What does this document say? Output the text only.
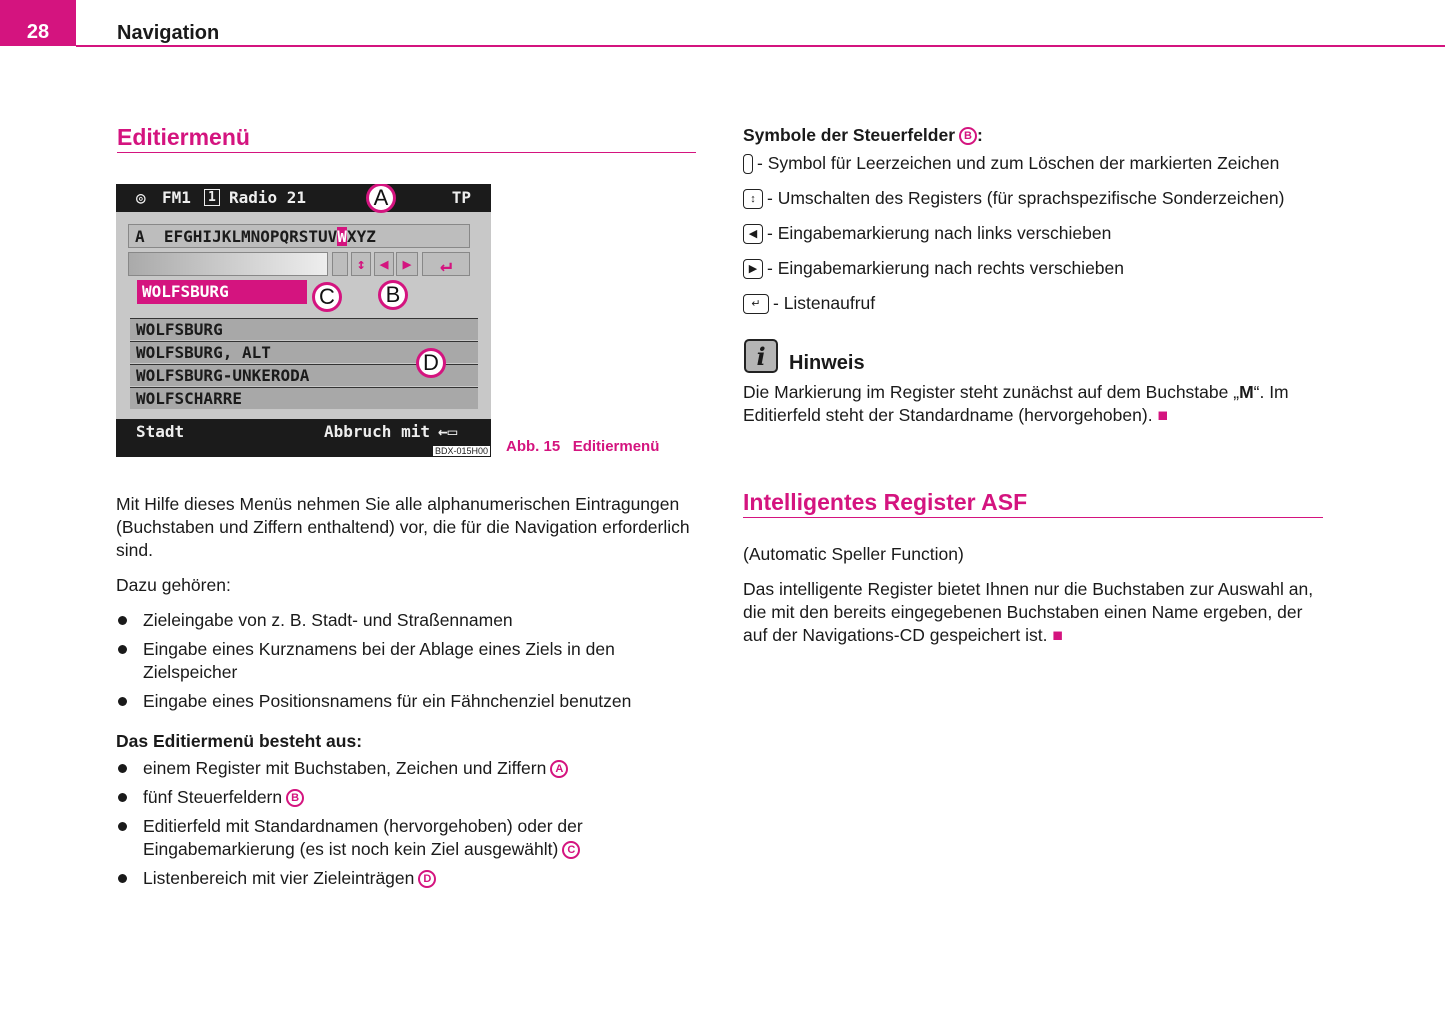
28	Navigation
Editiermenü
◎ FM1	1 Radio 21	TP
A  EFGHIJKLMNOPQRSTUVWXYZ
↕ ◀ ▶	↵
WOLFSBURG
WOLFSBURG
WOLFSBURG, ALT
WOLFSBURG-UNKERODA
WOLFSCHARRE
Stadt	Abbruch mit ←▭
BDX-015H00
A
B
C
D
Abb. 15 Editiermenü

Mit Hilfe dieses Menüs nehmen Sie alle alphanumerischen Eintragungen (Buchstaben und Ziffern enthaltend) vor, die für die Navigation erforderlich sind.

Dazu gehören:

Zieleingabe von z. B. Stadt- und Straßennamen

Eingabe eines Kurznamens bei der Ablage eines Ziels in den Zielspeicher

Eingabe eines Positionsnamens für ein Fähnchenziel benutzen

Das Editiermenü besteht aus:

einem Register mit Buchstaben, Zeichen und Ziffern A

fünf Steuerfeldern B

Editierfeld mit Standardnamen (hervorgehoben) oder der Eingabemarkierung (es ist noch kein Ziel ausgewählt) C

Listenbereich mit vier Zieleinträgen D

Symbole der Steuerfelder B :

- Symbol für Leerzeichen und zum Löschen der markierten Zeichen

↕ - Umschalten des Registers (für sprachspezifische Sonderzeichen)

◀ - Eingabemarkierung nach links verschieben

▶ - Eingabemarkierung nach rechts verschieben

↵ - Listenaufruf

i	Hinweis

Die Markierung im Register steht zunächst auf dem Buchstabe „M“. Im Editierfeld steht der Standardname (hervorgehoben). ■

Intelligentes Register ASF

(Automatic Speller Function)

Das intelligente Register bietet Ihnen nur die Buchstaben zur Auswahl an, die mit den bereits eingegebenen Buchstaben einen Name ergeben, der auf der Navigations-CD gespeichert ist. ■
